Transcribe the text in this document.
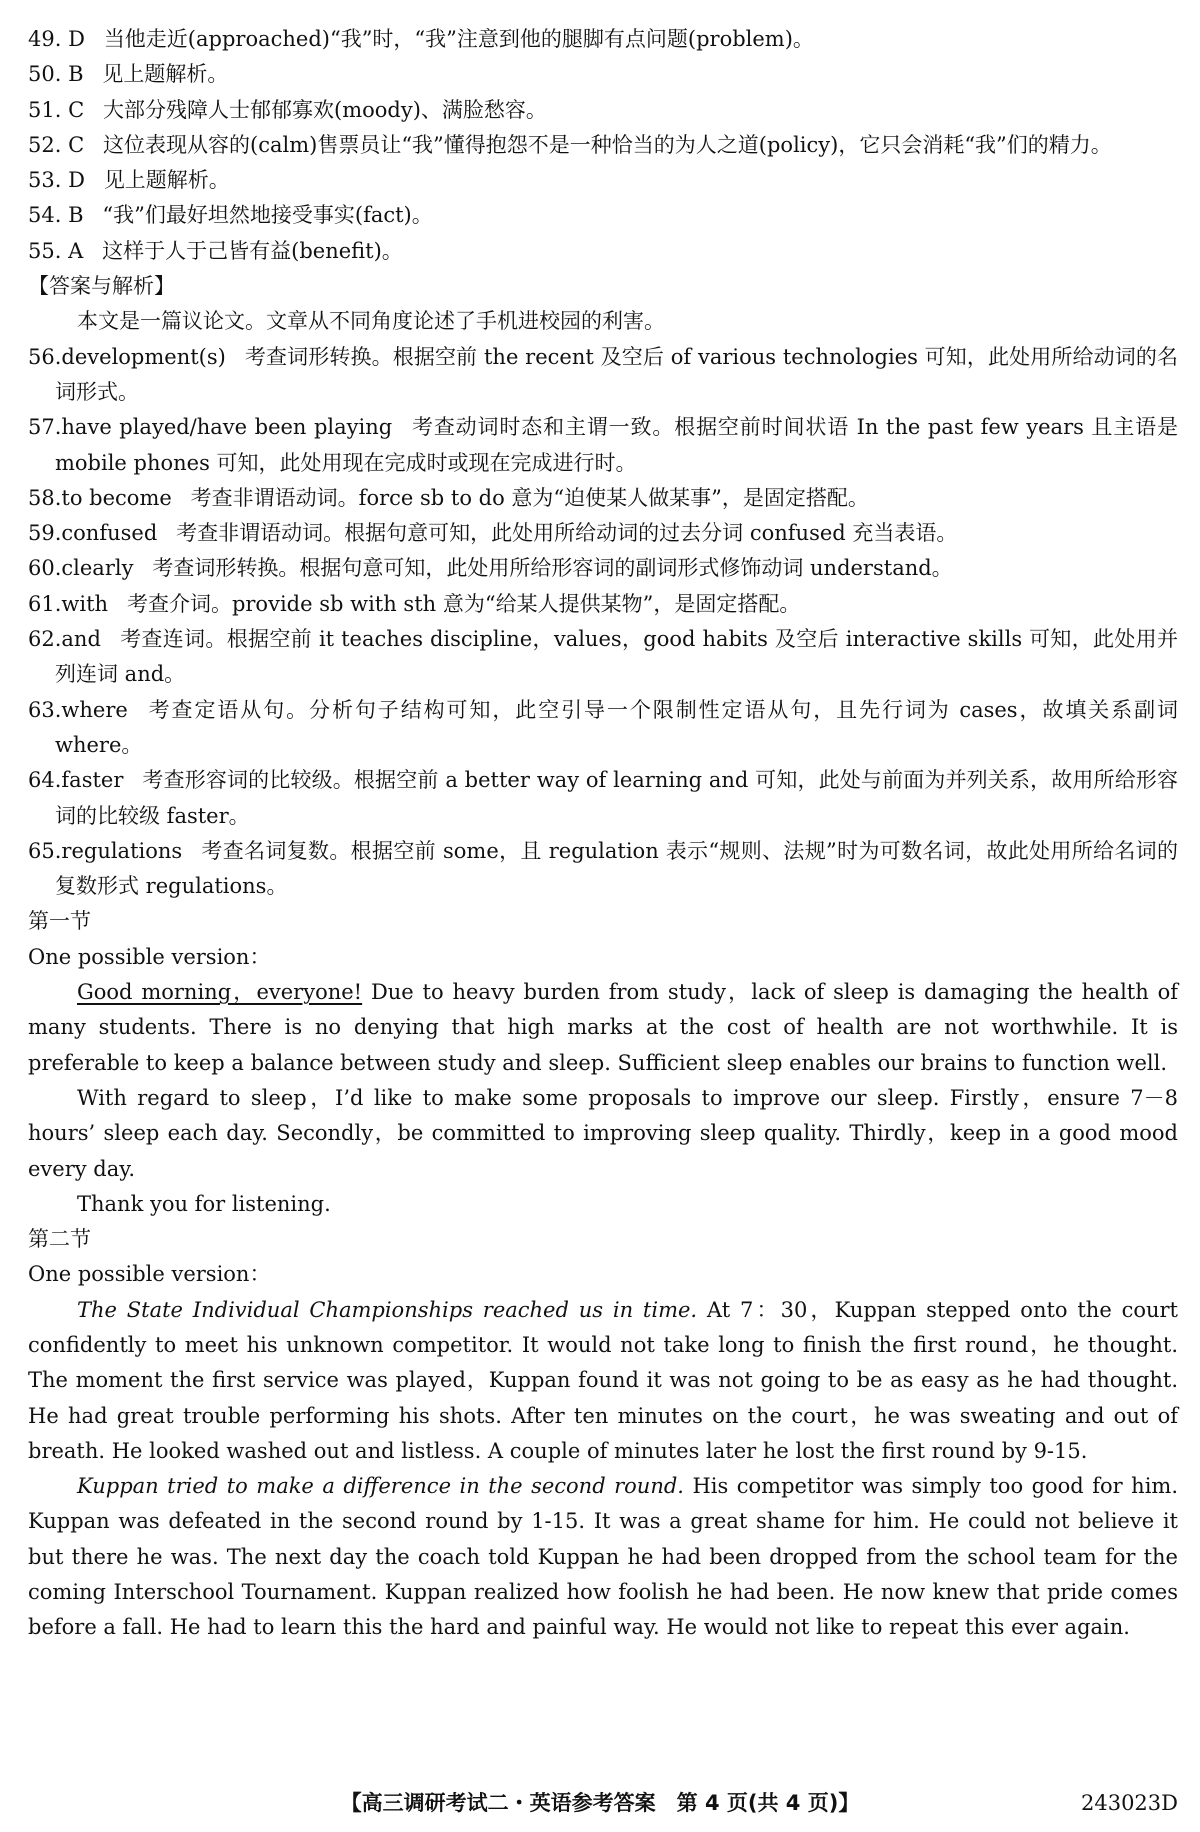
49. D 当他走近(approached)“我”时，“我”注意到他的腿脚有点问题(problem)。
50. B 见上题解析。
51. C 大部分残障人士郁郁寡欢(moody)、满脸愁容。
52. C 这位表现从容的(calm)售票员让“我”懂得抱怨不是一种恰当的为人之道(policy)，它只会消耗“我”们的精力。
53. D 见上题解析。
54. B “我”们最好坦然地接受事实(fact)。
55. A 这样于人于己皆有益(benefit)。
【答案与解析】
本文是一篇议论文。文章从不同角度论述了手机进校园的利害。
56.development(s) 考查词形转换。根据空前 the recent 及空后 of various technologies 可知，此处用所给动词的名词形式。
57.have played/have been playing 考查动词时态和主谓一致。根据空前时间状语 In the past few years 且主语是 mobile phones 可知，此处用现在完成时或现在完成进行时。
58.to become 考查非谓语动词。force sb to do 意为“迫使某人做某事”，是固定搭配。
59.confused 考查非谓语动词。根据句意可知，此处用所给动词的过去分词 confused 充当表语。
60.clearly 考查词形转换。根据句意可知，此处用所给形容词的副词形式修饰动词 understand。
61.with 考查介词。provide sb with sth 意为“给某人提供某物”，是固定搭配。
62.and 考查连词。根据空前 it teaches discipline，values，good habits 及空后 interactive skills 可知，此处用并列连词 and。
63.where 考查定语从句。分析句子结构可知，此空引导一个限制性定语从句，且先行词为 cases，故填关系副词 where。
64.faster 考查形容词的比较级。根据空前 a better way of learning and 可知，此处与前面为并列关系，故用所给形容词的比较级 faster。
65.regulations 考查名词复数。根据空前 some，且 regulation 表示“规则、法规”时为可数名词，故此处用所给名词的复数形式 regulations。
第一节
One possible version：
Good morning，everyone! Due to heavy burden from study，lack of sleep is damaging the health of many students. There is no denying that high marks at the cost of health are not worthwhile. It is preferable to keep a balance between study and sleep. Sufficient sleep enables our brains to function well.
With regard to sleep，I’d like to make some proposals to improve our sleep. Firstly，ensure 7－8 hours’ sleep each day. Secondly，be committed to improving sleep quality. Thirdly，keep in a good mood every day.
Thank you for listening.
第二节
One possible version：
The State Individual Championships reached us in time. At 7：30，Kuppan stepped onto the court confidently to meet his unknown competitor. It would not take long to finish the first round，he thought. The moment the first service was played，Kuppan found it was not going to be as easy as he had thought. He had great trouble performing his shots. After ten minutes on the court，he was sweating and out of breath. He looked washed out and listless. A couple of minutes later he lost the first round by 9-15.
Kuppan tried to make a difference in the second round. His competitor was simply too good for him. Kuppan was defeated in the second round by 1-15. It was a great shame for him. He could not believe it but there he was. The next day the coach told Kuppan he had been dropped from the school team for the coming Interschool Tournament. Kuppan realized how foolish he had been. He now knew that pride comes before a fall. He had to learn this the hard and painful way. He would not like to repeat this ever again.
【高三调研考试二・英语参考答案　第 4 页(共 4 页)】	243023D
